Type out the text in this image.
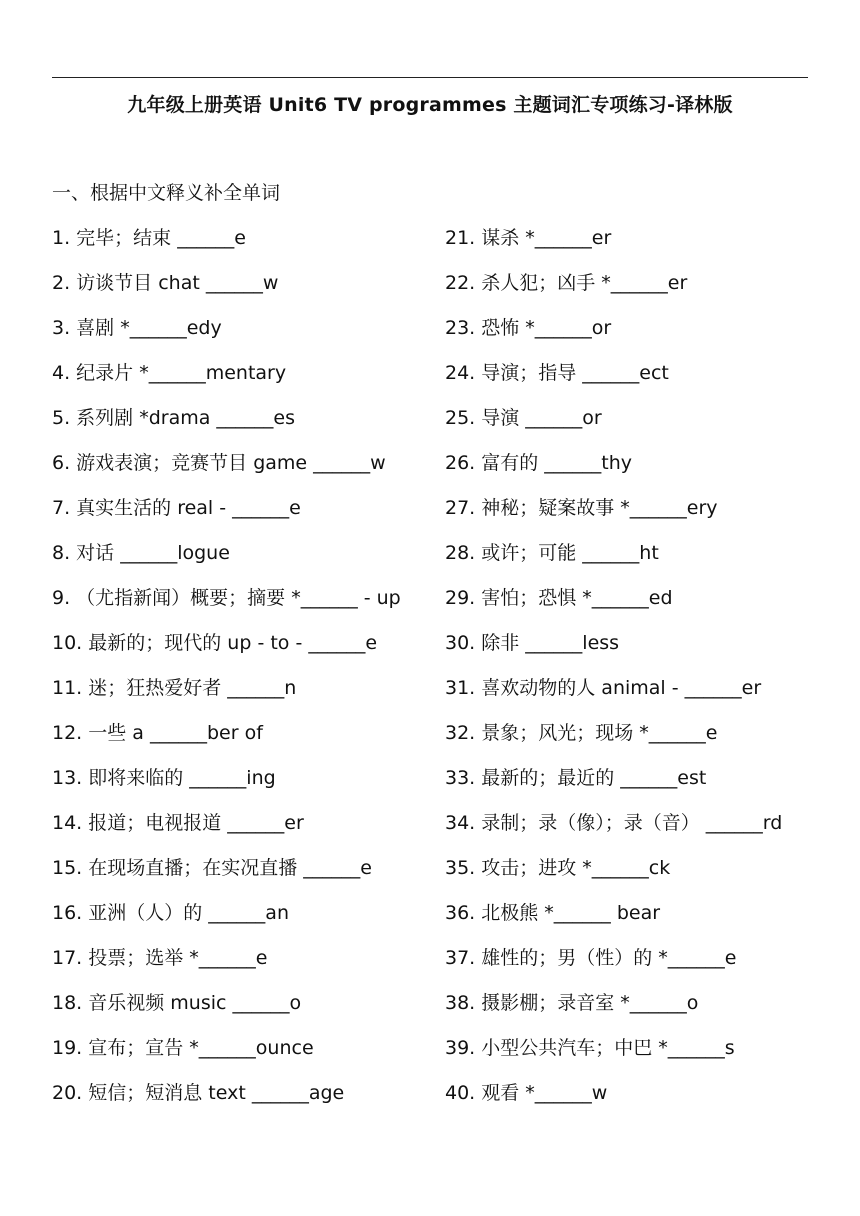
九年级上册英语 Unit6 TV programmes 主题词汇专项练习-译林版
一、根据中文释义补全单词
1. 完毕；结束 ______e
2. 访谈节目 chat ______w
3. 喜剧 *______edy
4. 纪录片 *______mentary
5. 系列剧 *drama ______es
6. 游戏表演；竞赛节目 game ______w
7. 真实生活的 real - ______e
8. 对话 ______logue
9. （尤指新闻）概要；摘要 *______ - up
10. 最新的；现代的 up - to - ______e
11. 迷；狂热爱好者 ______n
12. 一些 a ______ber of
13. 即将来临的 ______ing
14. 报道；电视报道 ______er
15. 在现场直播；在实况直播 ______e
16. 亚洲（人）的 ______an
17. 投票；选举 *______e
18. 音乐视频 music ______o
19. 宣布；宣告 *______ounce
20. 短信；短消息 text ______age
21. 谋杀 *______er
22. 杀人犯；凶手 *______er
23. 恐怖 *______or
24. 导演；指导 ______ect
25. 导演 ______or
26. 富有的 ______thy
27. 神秘；疑案故事 *______ery
28. 或许；可能 ______ht
29. 害怕；恐惧 *______ed
30. 除非 ______less
31. 喜欢动物的人 animal - ______er
32. 景象；风光；现场 *______e
33. 最新的；最近的 ______est
34. 录制；录（像）；录（音） ______rd
35. 攻击；进攻 *______ck
36. 北极熊 *______ bear
37. 雄性的；男（性）的 *______e
38. 摄影棚；录音室 *______o
39. 小型公共汽车；中巴 *______s
40. 观看 *______w
